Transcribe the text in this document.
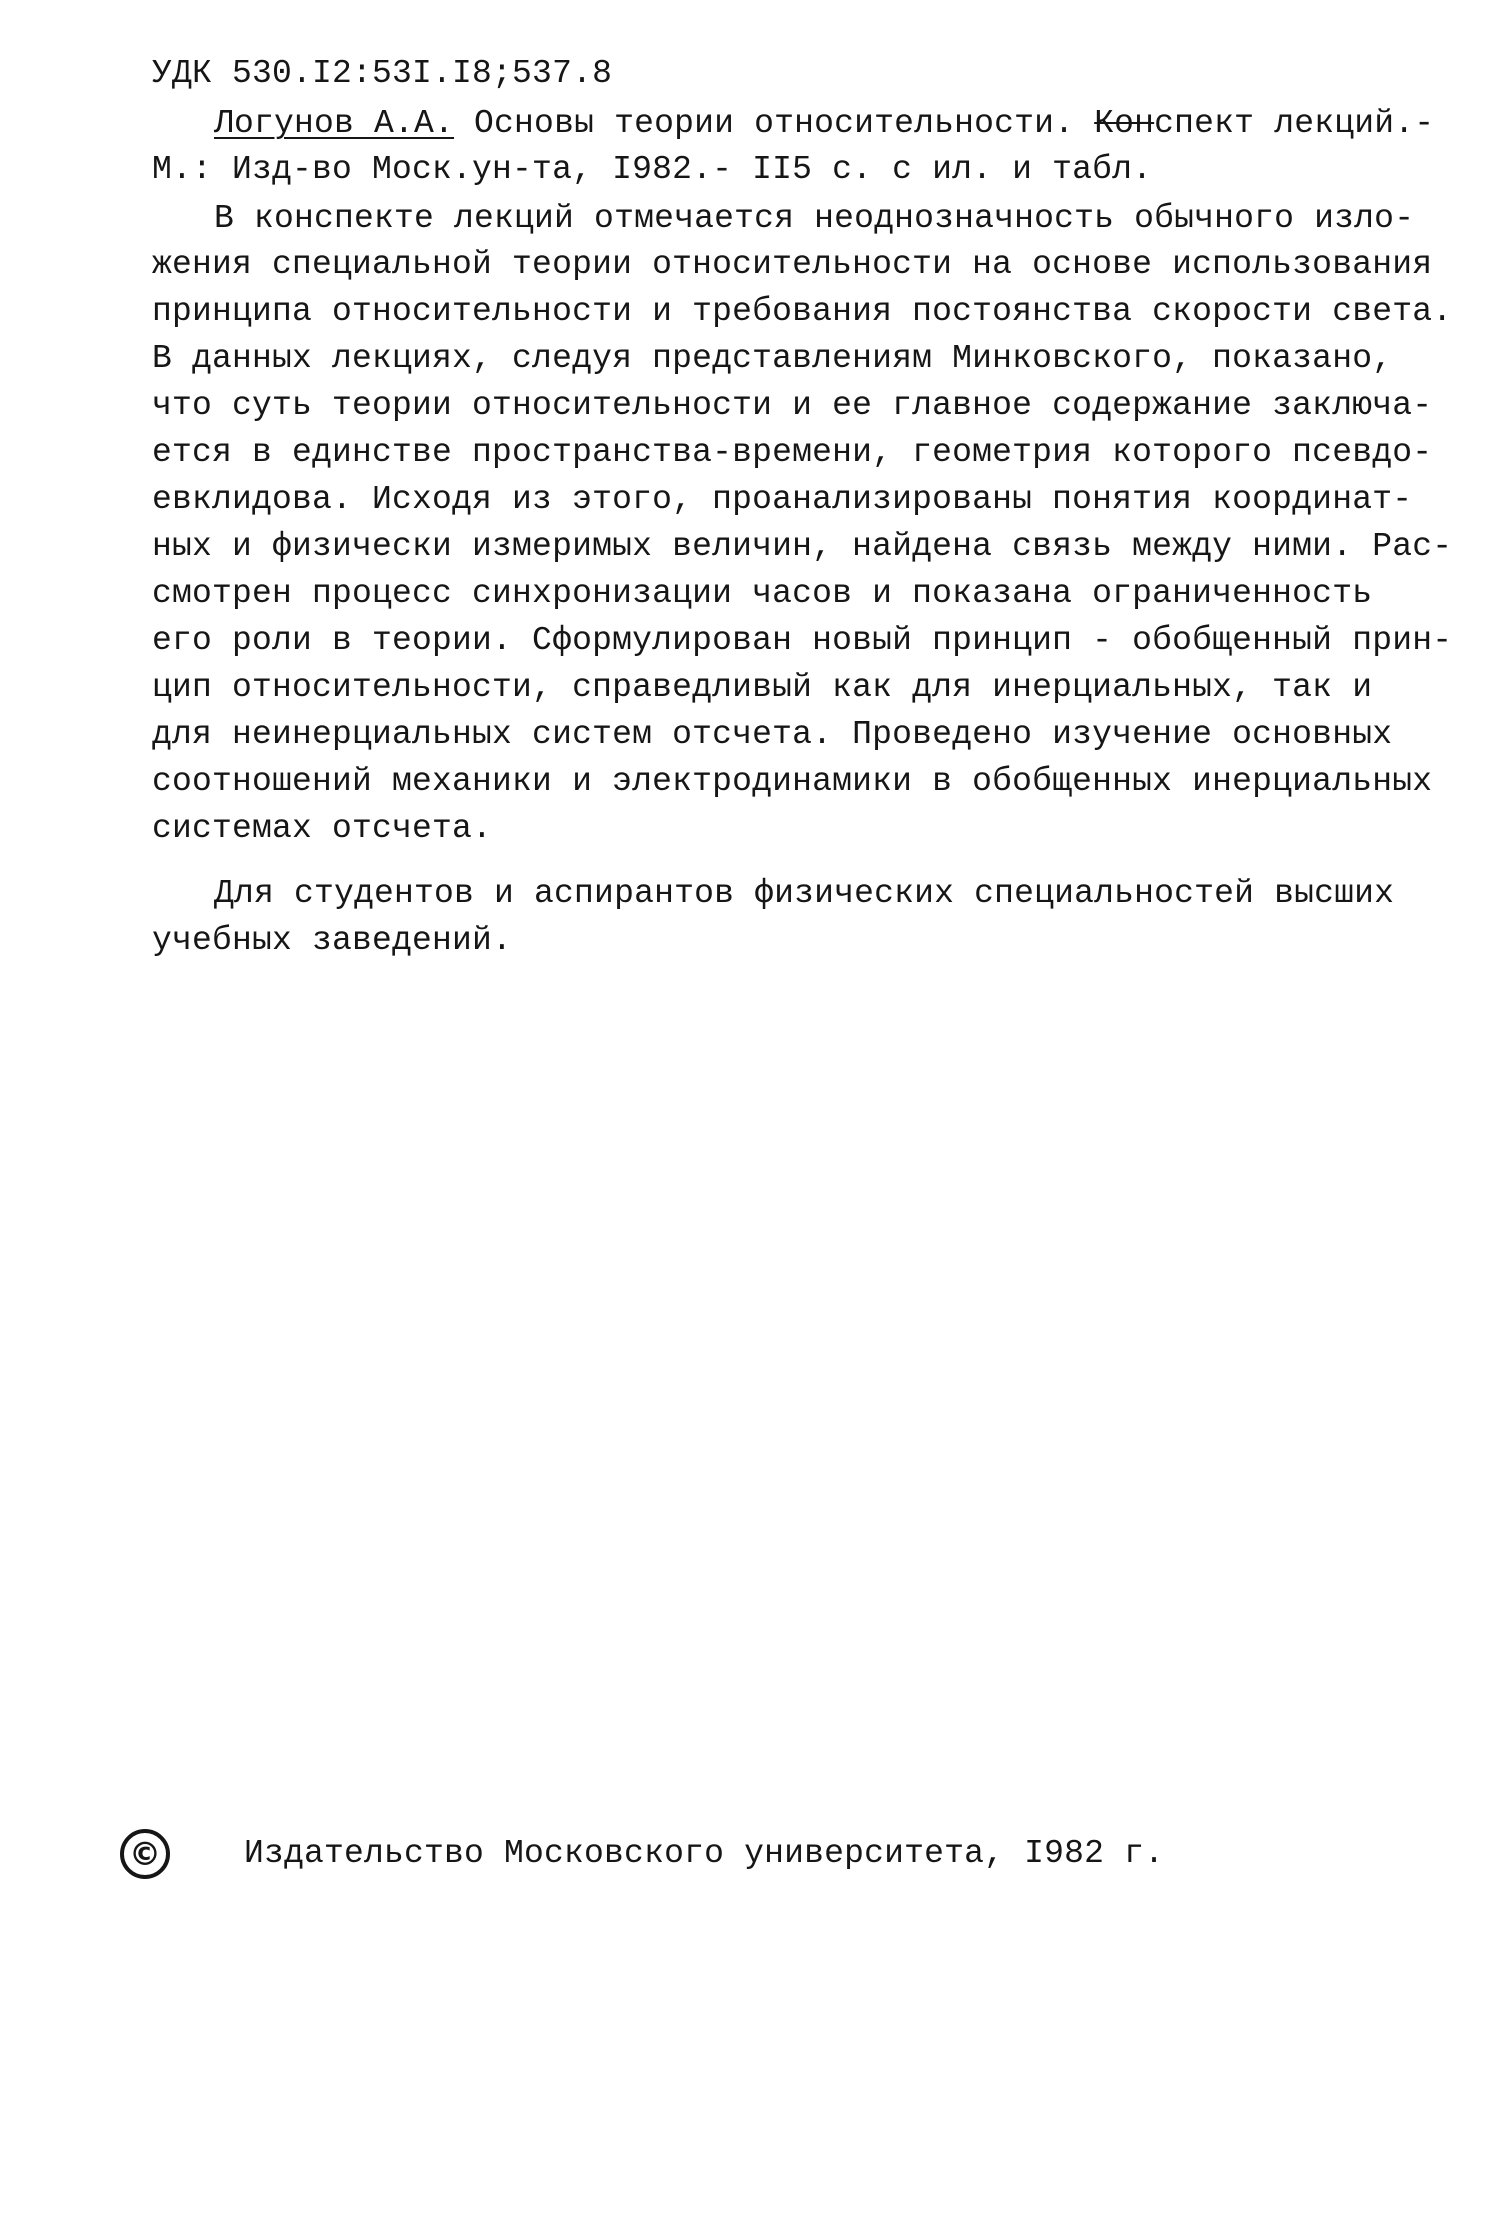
УДК 530.I2:53I.I8;537.8
Логунов А.А. Основы теории относительности. Конспект лекций.-
М.: Изд-во Моск.ун-та, I982.- II5 с. с ил. и табл.
В конспекте лекций отмечается неоднозначность обычного изло-
жения специальной теории относительности на основе использования
принципа относительности и требования постоянства скорости света.
В данных лекциях, следуя представлениям Минковского, показано,
что суть теории относительности и ее главное содержание заключа-
ется в единстве пространства-времени, геометрия которого псевдо-
евклидова. Исходя из этого, проанализированы понятия координат-
ных и физически измеримых величин, найдена связь между ними. Рас-
смотрен процесс синхронизации часов и показана ограниченность
его роли в теории. Сформулирован новый принцип - обобщенный прин-
цип относительности, справедливый как для инерциальных, так и
для неинерциальных систем отсчета. Проведено изучение основных
соотношений механики и электродинамики в обобщенных инерциальных
системах отсчета.
Для студентов и аспирантов физических специальностей высших
учебных заведений.
©	Издательство Московского университета, I982 г.
